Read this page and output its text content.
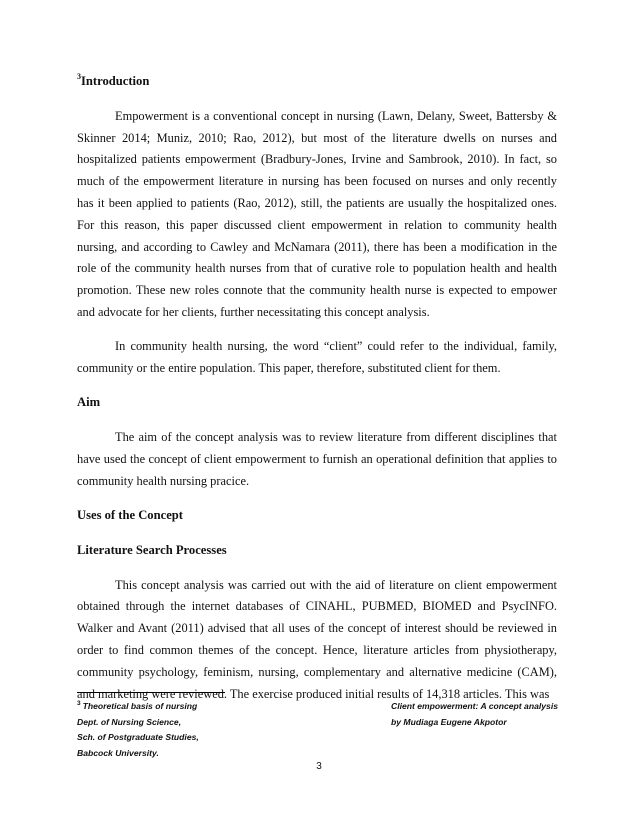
$^3$Introduction

Empowerment is a conventional concept in nursing (Lawn, Delany, Sweet, Battersby & Skinner 2014; Muniz, 2010; Rao, 2012), but most of the literature dwells on nurses and hospitalized patients empowerment (Bradbury-Jones, Irvine and Sambrook, 2010). In fact, so much of the empowerment literature in nursing has been focused on nurses and only recently has it been applied to patients (Rao, 2012), still, the patients are usually the hospitalized ones. For this reason, this paper discussed client empowerment in relation to community health nursing, and according to Cawley and McNamara (2011), there has been a modification in the role of the community health nurses from that of curative role to population health and health promotion. These new roles connote that the community health nurse is expected to empower and advocate for her clients, further necessitating this concept analysis.

In community health nursing, the word “client” could refer to the individual, family, community or the entire population. This paper, therefore, substituted client for them.

Aim

The aim of the concept analysis was to review literature from different disciplines that have used the concept of client empowerment to furnish an operational definition that applies to community health nursing pracice.

Uses of the Concept
Literature Search Processes

This concept analysis was carried out with the aid of literature on client empowerment obtained through the internet databases of CINAHL, PUBMED, BIOMED and PsycINFO. Walker and Avant (2011) advised that all uses of the concept of interest should be reviewed in order to find common themes of the concept. Hence, literature articles from physiotherapy, community psychology, feminism, nursing, complementary and alternative medicine (CAM), and marketing were reviewed. The exercise produced initial results of 14,318 articles. This was

$^3$ Theoretical basis of nursing
Dept. of Nursing Science,
Sch. of Postgraduate Studies,
Babcock University.
Client empowerment: A concept analysis
by Mudiaga Eugene Akpotor
3
